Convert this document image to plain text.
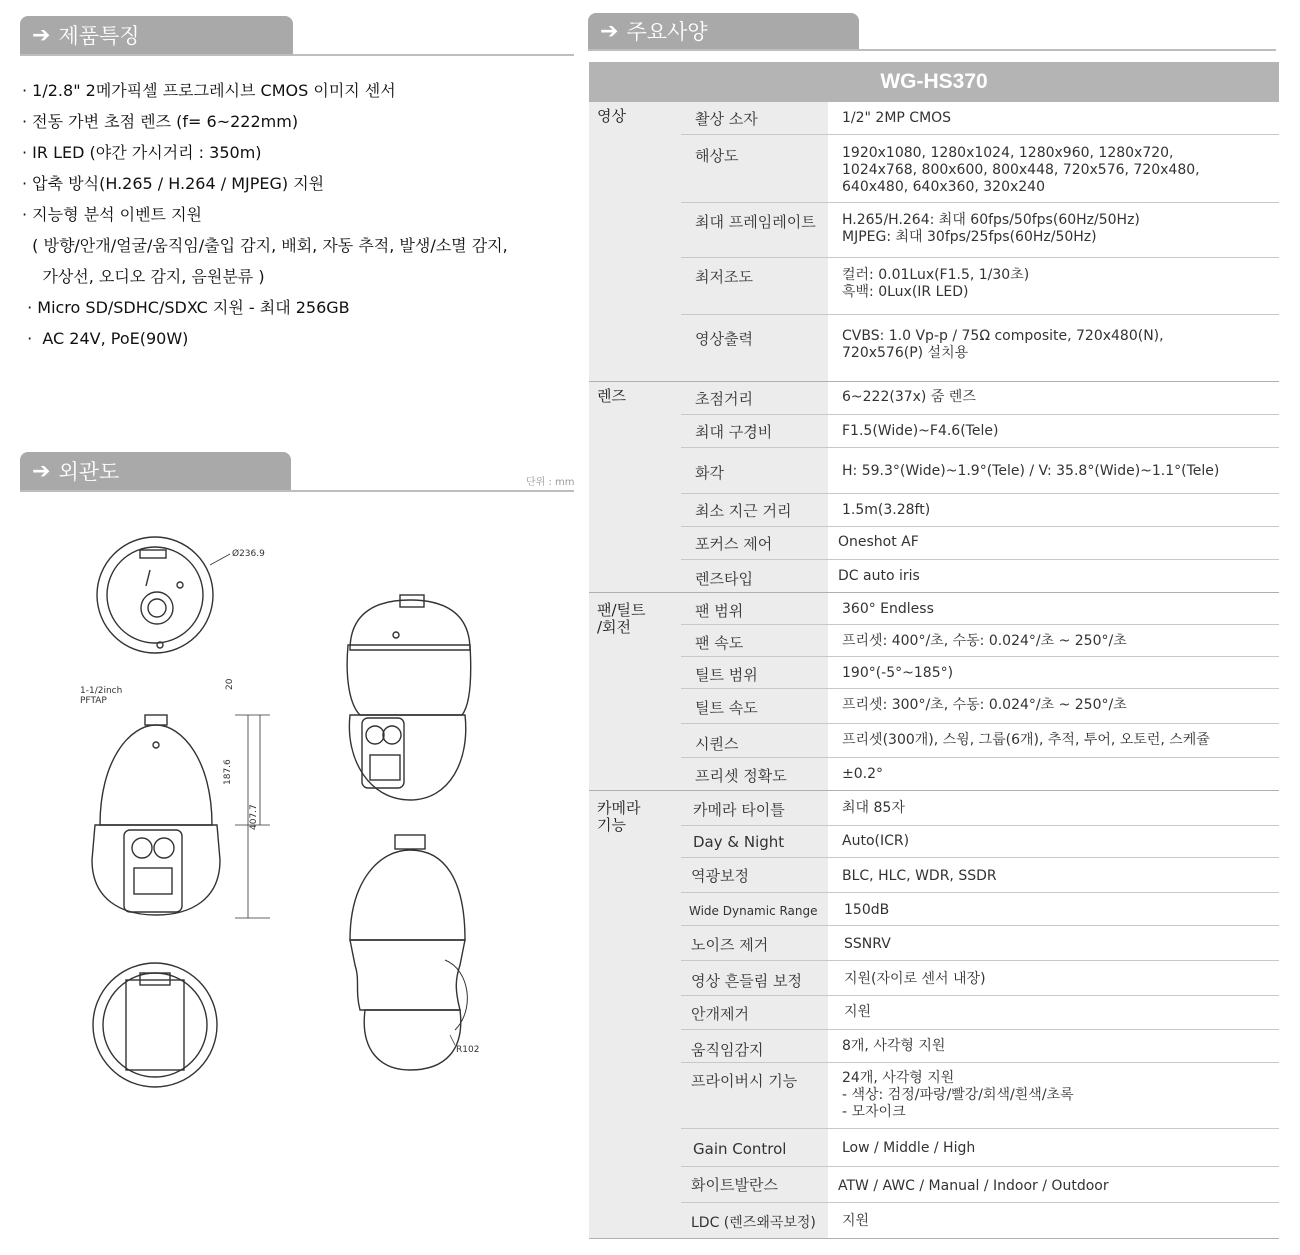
➔ 제품특징
· 1/2.8" 2메가픽셀 프로그레시브 CMOS 이미지 센서
· 전동 가변 초점 렌즈 (f= 6~222mm)
· IR LED (야간 가시거리 : 350m)
· 압축 방식(H.265 / H.264 / MJPEG) 지원
· 지능형 분석 이벤트 지원
( 방향/안개/얼굴/움직임/출입 감지, 배회, 자동 추적, 발생/소멸 감지,
가상선, 오디오 감지, 음원분류 )
· Micro SD/SDHC/SDXC 지원 - 최대 256GB
·  AC 24V, PoE(90W)
➔ 외관도	단위 : mm
Ø236.9
1-1/2inch PFTAP
20
187.6
407.7
R102
➔ 주요사양
WG-HS370
영상	촬상 소자	1/2" 2MP CMOS
해상도	1920x1080, 1280x1024, 1280x960, 1280x720,
1024x768, 800x600, 800x448, 720x576, 720x480,
640x480, 640x360, 320x240
최대 프레임레이트	H.265/H.264: 최대 60fps/50fps(60Hz/50Hz)
MJPEG: 최대 30fps/25fps(60Hz/50Hz)
최저조도	컬러: 0.01Lux(F1.5, 1/30초)
흑백: 0Lux(IR LED)
영상출력	CVBS: 1.0 Vp-p / 75Ω composite, 720x480(N),
720x576(P) 설치용
렌즈	초점거리	6~222(37x) 줌 렌즈
최대 구경비	F1.5(Wide)~F4.6(Tele)
화각	H: 59.3°(Wide)~1.9°(Tele) / V: 35.8°(Wide)~1.1°(Tele)
최소 지근 거리	1.5m(3.28ft)
포커스 제어	Oneshot AF
렌즈타입	DC auto iris
팬/틸트
/회전
팬 범위	360° Endless
팬 속도	프리셋: 400°/초, 수동: 0.024°/초 ~ 250°/초
틸트 범위	190°(-5°~185°)
틸트 속도	프리셋: 300°/초, 수동: 0.024°/초 ~ 250°/초
시퀀스	프리셋(300개), 스윙, 그룹(6개), 추적, 투어, 오토런, 스케쥴
프리셋 정확도	±0.2°
카메라
기능
카메라 타이틀	최대 85자
Day & Night	Auto(ICR)
역광보정	BLC, HLC, WDR, SSDR
Wide Dynamic Range	150dB
노이즈 제거	SSNRV
영상 흔들림 보정	지원(자이로 센서 내장)
안개제거	지원
움직임감지	8개, 사각형 지원
프라이버시 기능	24개, 사각형 지원
- 색상: 검정/파랑/빨강/회색/흰색/초록
- 모자이크
Gain Control	Low / Middle / High
화이트발란스	ATW / AWC / Manual / Indoor / Outdoor
LDC (렌즈왜곡보정)	지원
